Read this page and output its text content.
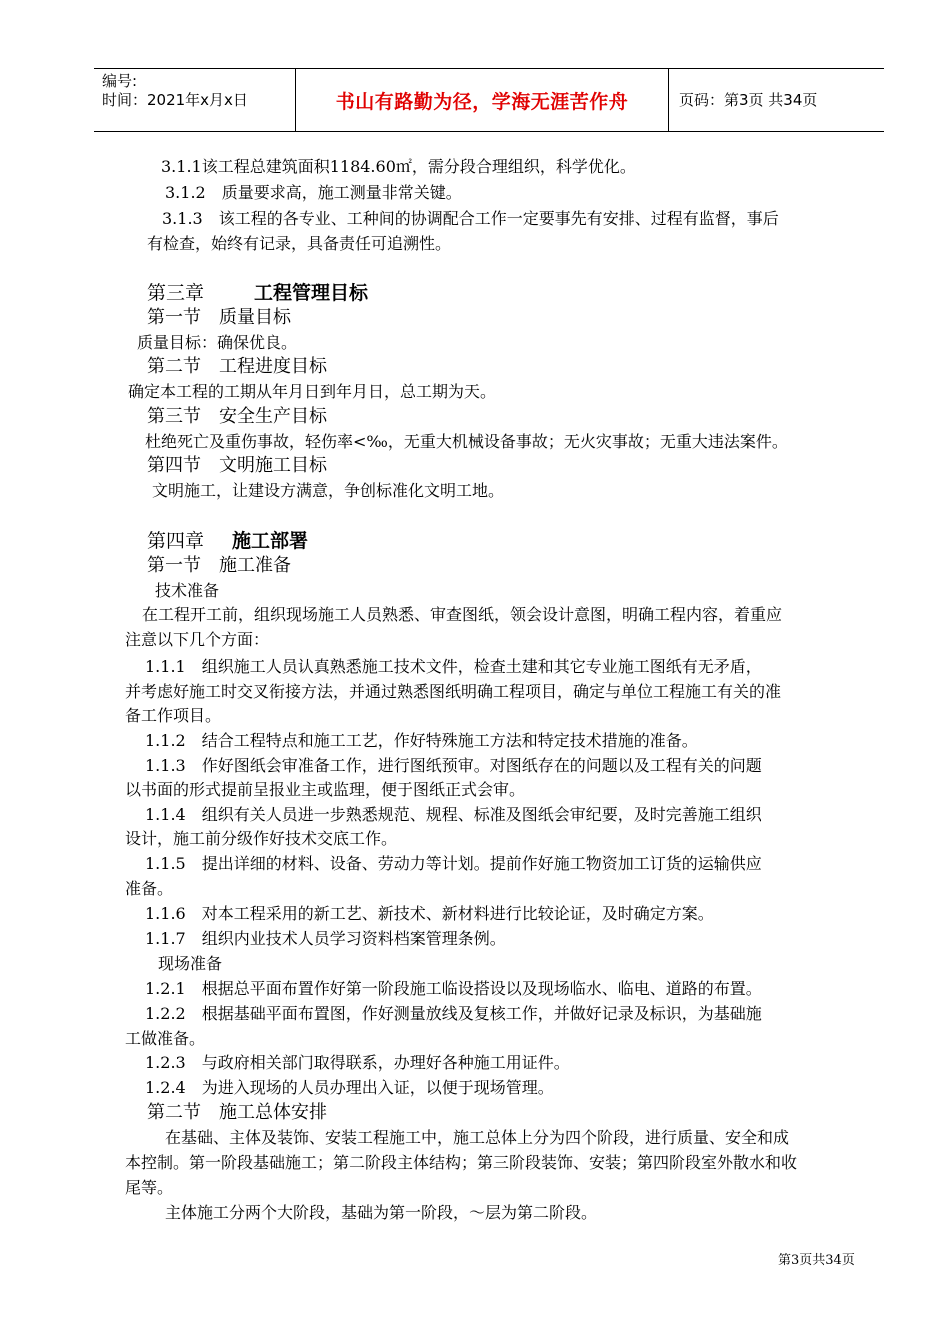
编号:
时间：2021年x月x日	书山有路勤为径，学海无涯苦作舟	页码：第3页 共34页
3.1.1该工程总建筑面积1184.60㎡，需分段合理组织，科学优化。
3.1.2　质量要求高，施工测量非常关键。
3.1.3　该工程的各专业、工种间的协调配合工作一定要事先有安排、过程有监督，事后
有检查，始终有记录，具备责任可追溯性。
第三章	工程管理目标
第一节　质量目标
质量目标：确保优良。
第二节　工程进度目标
确定本工程的工期从年月日到年月日，总工期为天。
第三节　安全生产目标
杜绝死亡及重伤事故，轻伤率<‰，无重大机械设备事故；无火灾事故；无重大违法案件。
第四节　文明施工目标
文明施工，让建设方满意，争创标准化文明工地。
第四章 施工部署
第一节　施工准备
技术准备
在工程开工前，组织现场施工人员熟悉、审查图纸，领会设计意图，明确工程内容，着重应
注意以下几个方面：
1.1.1　组织施工人员认真熟悉施工技术文件，检查土建和其它专业施工图纸有无矛盾，
并考虑好施工时交叉衔接方法，并通过熟悉图纸明确工程项目，确定与单位工程施工有关的准
备工作项目。
1.1.2　结合工程特点和施工工艺，作好特殊施工方法和特定技术措施的准备。
1.1.3　作好图纸会审准备工作，进行图纸预审。对图纸存在的问题以及工程有关的问题
以书面的形式提前呈报业主或监理，便于图纸正式会审。
1.1.4　组织有关人员进一步熟悉规范、规程、标准及图纸会审纪要，及时完善施工组织
设计，施工前分级作好技术交底工作。
1.1.5　提出详细的材料、设备、劳动力等计划。提前作好施工物资加工订货的运输供应
准备。
1.1.6　对本工程采用的新工艺、新技术、新材料进行比较论证，及时确定方案。
1.1.7　组织内业技术人员学习资料档案管理条例。
现场准备
1.2.1　根据总平面布置作好第一阶段施工临设搭设以及现场临水、临电、道路的布置。
1.2.2　根据基础平面布置图，作好测量放线及复核工作，并做好记录及标识，为基础施
工做准备。
1.2.3　与政府相关部门取得联系，办理好各种施工用证件。
1.2.4　为进入现场的人员办理出入证，以便于现场管理。
第二节　施工总体安排
在基础、主体及装饰、安装工程施工中，施工总体上分为四个阶段，进行质量、安全和成
本控制。第一阶段基础施工；第二阶段主体结构；第三阶段装饰、安装；第四阶段室外散水和收
尾等。
主体施工分两个大阶段，基础为第一阶段，～层为第二阶段。
第3页共34页
